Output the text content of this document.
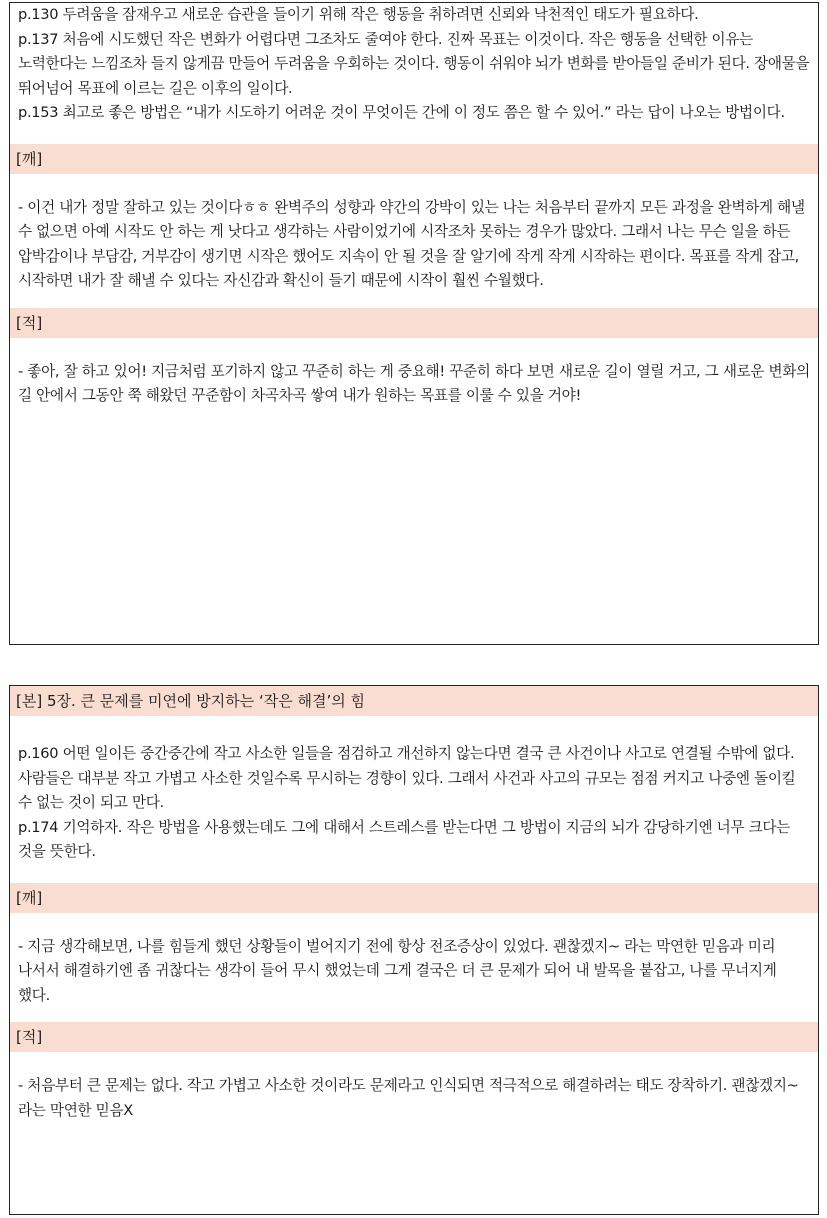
p.130 두려움을 잠재우고 새로운 습관을 들이기 위해 작은 행동을 취하려면 신뢰와 낙천적인 태도가 필요하다.

p.137 처음에 시도했던 작은 변화가 어렵다면 그조차도 줄여야 한다. 진짜 목표는 이것이다. 작은 행동을 선택한 이유는 노력한다는 느낌조차 들지 않게끔 만들어 두려움을 우회하는 것이다. 행동이 쉬워야 뇌가 변화를 받아들일 준비가 된다. 장애물을 뛰어넘어 목표에 이르는 길은 이후의 일이다.

p.153 최고로 좋은 방법은 “내가 시도하기 어려운 것이 무엇이든 간에 이 정도 쯤은 할 수 있어.” 라는 답이 나오는 방법이다.

[깨]

- 이건 내가 정말 잘하고 있는 것이다ㅎㅎ 완벽주의 성향과 약간의 강박이 있는 나는 처음부터 끝까지 모든 과정을 완벽하게 해낼 수 없으면 아예 시작도 안 하는 게 낫다고 생각하는 사람이었기에 시작조차 못하는 경우가 많았다. 그래서 나는 무슨 일을 하든 압박감이나 부담감, 거부감이 생기면 시작은 했어도 지속이 안 될 것을 잘 알기에 작게 작게 시작하는 편이다. 목표를 작게 잡고, 시작하면 내가 잘 해낼 수 있다는 자신감과 확신이 들기 때문에 시작이 훨씬 수월했다.

[적]

- 좋아, 잘 하고 있어! 지금처럼 포기하지 않고 꾸준히 하는 게 중요해! 꾸준히 하다 보면 새로운 길이 열릴 거고, 그 새로운 변화의 길 안에서 그동안 쭉 해왔던 꾸준함이 차곡차곡 쌓여 내가 원하는 목표를 이룰 수 있을 거야!

[본] 5장. 큰 문제를 미연에 방지하는 ‘작은 해결’의 힘

p.160 어떤 일이든 중간중간에 작고 사소한 일들을 점검하고 개선하지 않는다면 결국 큰 사건이나 사고로 연결될 수밖에 없다. 사람들은 대부분 작고 가볍고 사소한 것일수록 무시하는 경향이 있다. 그래서 사건과 사고의 규모는 점점 커지고 나중엔 돌이킬 수 없는 것이 되고 만다.

p.174 기억하자. 작은 방법을 사용했는데도 그에 대해서 스트레스를 받는다면 그 방법이 지금의 뇌가 감당하기엔 너무 크다는 것을 뜻한다.

[깨]

- 지금 생각해보면, 나를 힘들게 했던 상황들이 벌어지기 전에 항상 전조증상이 있었다. 괜찮겠지~ 라는 막연한 믿음과 미리 나서서 해결하기엔 좀 귀찮다는 생각이 들어 무시 했었는데 그게 결국은 더 큰 문제가 되어 내 발목을 붙잡고, 나를 무너지게 했다.

[적]

- 처음부터 큰 문제는 없다. 작고 가볍고 사소한 것이라도 문제라고 인식되면 적극적으로 해결하려는 태도 장착하기. 괜찮겠지~라는 막연한 믿음X
